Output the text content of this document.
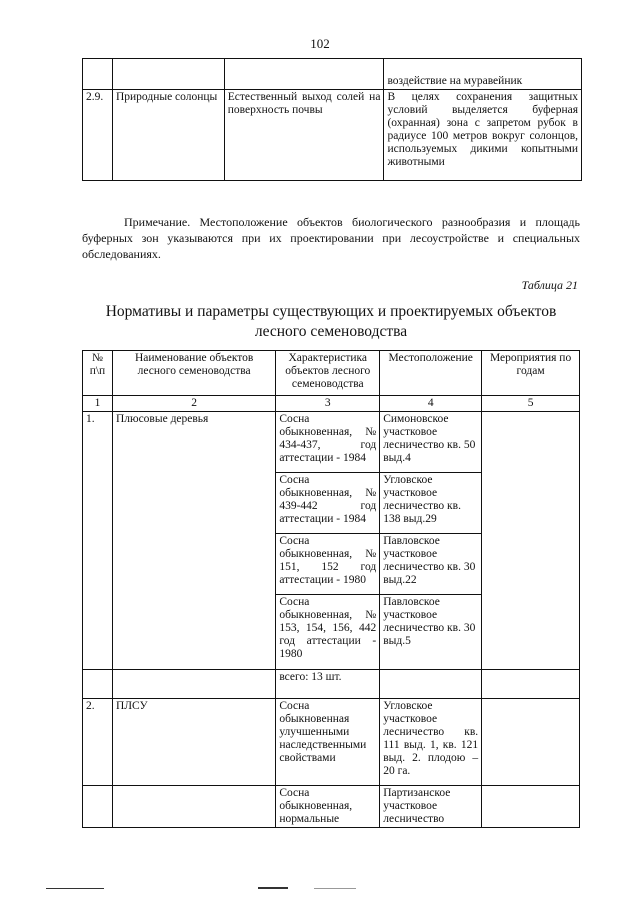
102
			воздействие на муравейник
2.9.	Природные солонцы	Естественный выход солей на поверхность почвы	В целях сохранения защитных условий выделяется буферная (охранная) зона с запретом рубок в радиусе 100 метров вокруг солонцов, используемых дикими копытными животными
Примечание. Местоположение объектов биологического разнообразия и площадь буферных зон указываются при их проектировании при лесоустройстве и специальных обследованиях.
Таблица 21
Нормативы и параметры существующих и проектируемых объектов лесного семеноводства
№ п\п	Наименование объектов лесного семеноводства	Характеристика объектов лесного семеноводства	Местоположение	Мероприятия по годам
1	2	3	4	5
1.	Плюсовые деревья	Сосна обыкновенная, № 434-437, год аттестации - 1984	Симоновское участковое лесничество кв. 50 выд.4	
		Сосна обыкновенная, № 439-442 год аттестации - 1984	Угловское участковое лесничество кв. 138 выд.29	
		Сосна обыкновенная, № 151, 152 год аттестации - 1980	Павловское участковое лесничество кв. 30 выд.22	
		Сосна обыкновенная, № 153, 154, 156, 442 год аттестации - 1980	Павловское участковое лесничество кв. 30 выд.5	
		всего: 13 шт.		
2.	ПЛСУ	Сосна обыкновенная улучшенными наследственными свойствами	Угловское участковое лесничество кв. 111 выд. 1, кв. 121 выд. 2. плодою – 20 га.	
		Сосна обыкновенная, нормальные	Партизанское участковое лесничество	
